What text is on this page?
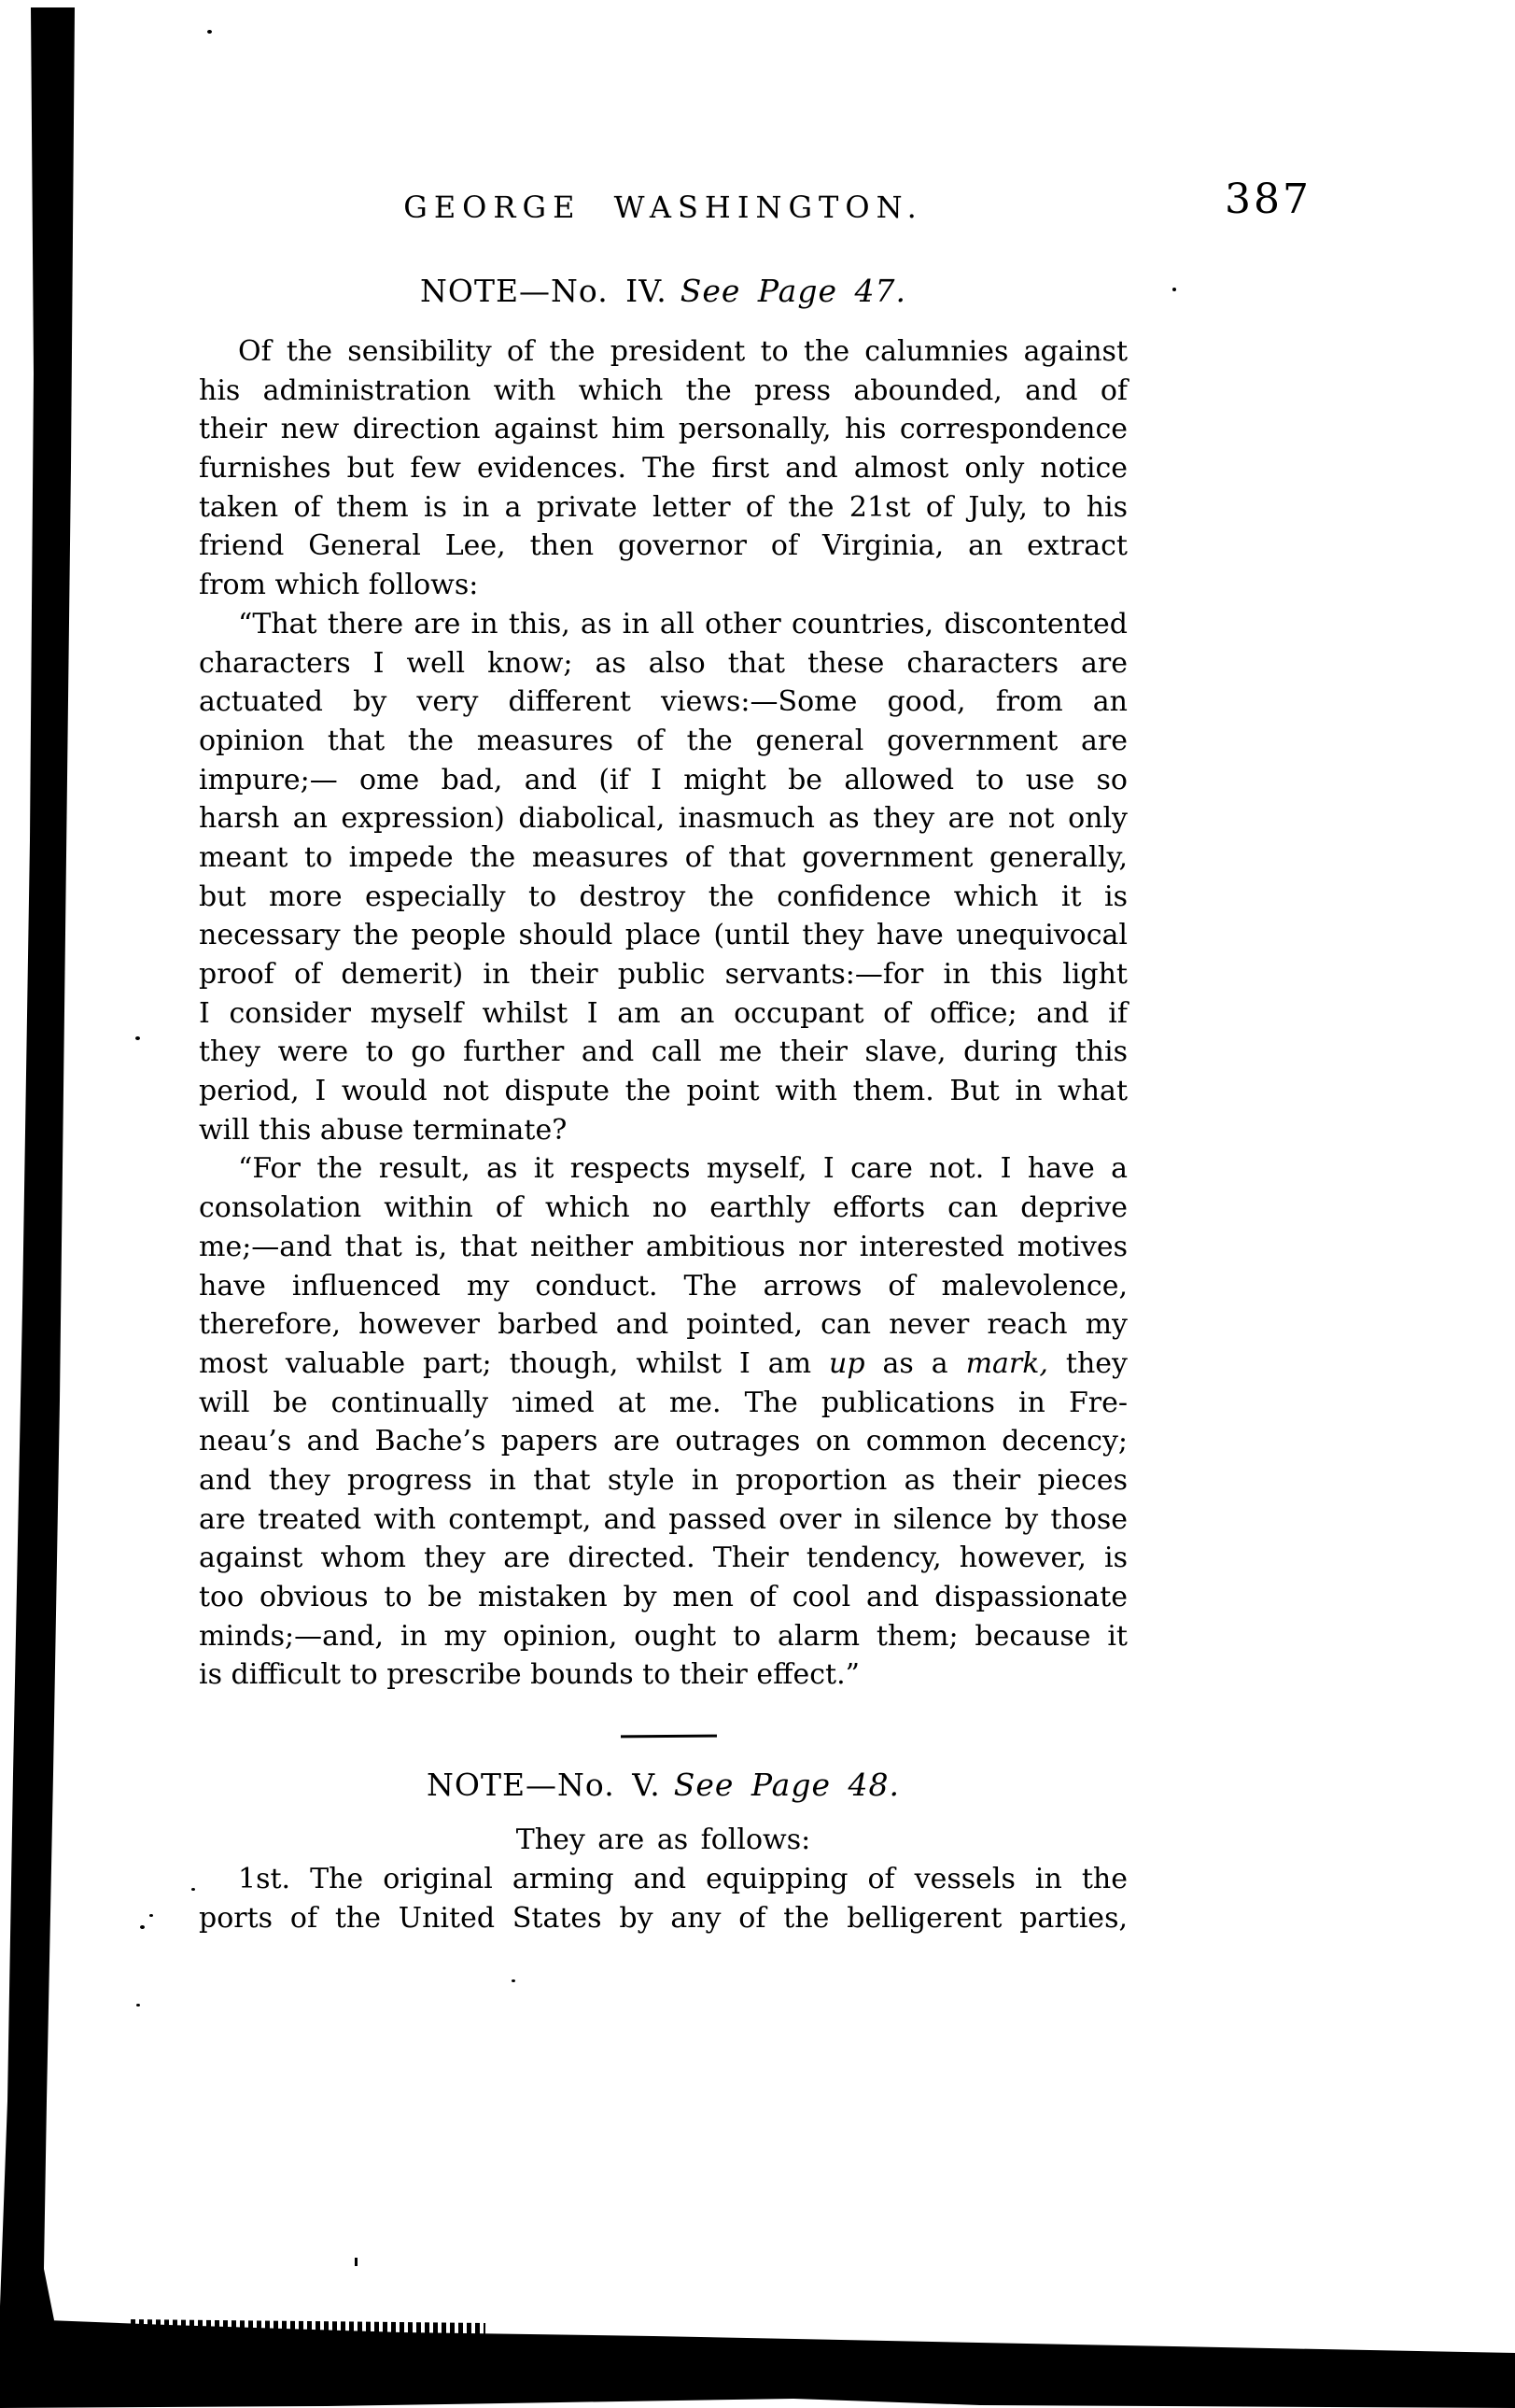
GEORGE WASHINGTON.	387
NOTE—No. IV. See Page 47.
Of the sensibility of the president to the calumnies against
his administration with which the press abounded, and of
their new direction against him personally, his correspondence
furnishes but few evidences. The first and almost only notice
taken of them is in a private letter of the 21st of July, to his
friend General Lee, then governor of Virginia, an extract
from which follows:
“That there are in this, as in all other countries, discontented
characters I well know; as also that these characters are
actuated by very different views:—Some good, from an
opinion that the measures of the general government are
impure;— ome bad, and (if I might be allowed to use so
harsh an expression) diabolical, inasmuch as they are not only
meant to impede the measures of that government generally,
but more especially to destroy the confidence which it is
necessary the people should place (until they have unequivocal
proof of demerit) in their public servants:—for in this light
I consider myself whilst I am an occupant of office; and if
they were to go further and call me their slave, during this
period, I would not dispute the point with them. But in what
will this abuse terminate?
“For the result, as it respects myself, I care not. I have a
consolation within of which no earthly efforts can deprive
me;—and that is, that neither ambitious nor interested motives
have influenced my conduct. The arrows of malevolence,
therefore, however barbed and pointed, can never reach my
most valuable part; though, whilst I am up as a mark, they
will be continually ɿimed at me. The publications in Fre-
neau’s and Bache’s papers are outrages on common decency;
and they progress in that style in proportion as their pieces
are treated with contempt, and passed over in silence by those
against whom they are directed. Their tendency, however, is
too obvious to be mistaken by men of cool and dispassionate
minds;—and, in my opinion, ought to alarm them; because it
is difficult to prescribe bounds to their effect.”
NOTE—No. V. See Page 48.
They are as follows:
1st. The original arming and equipping of vessels in the
ports of the United States by any of the belligerent parties,
